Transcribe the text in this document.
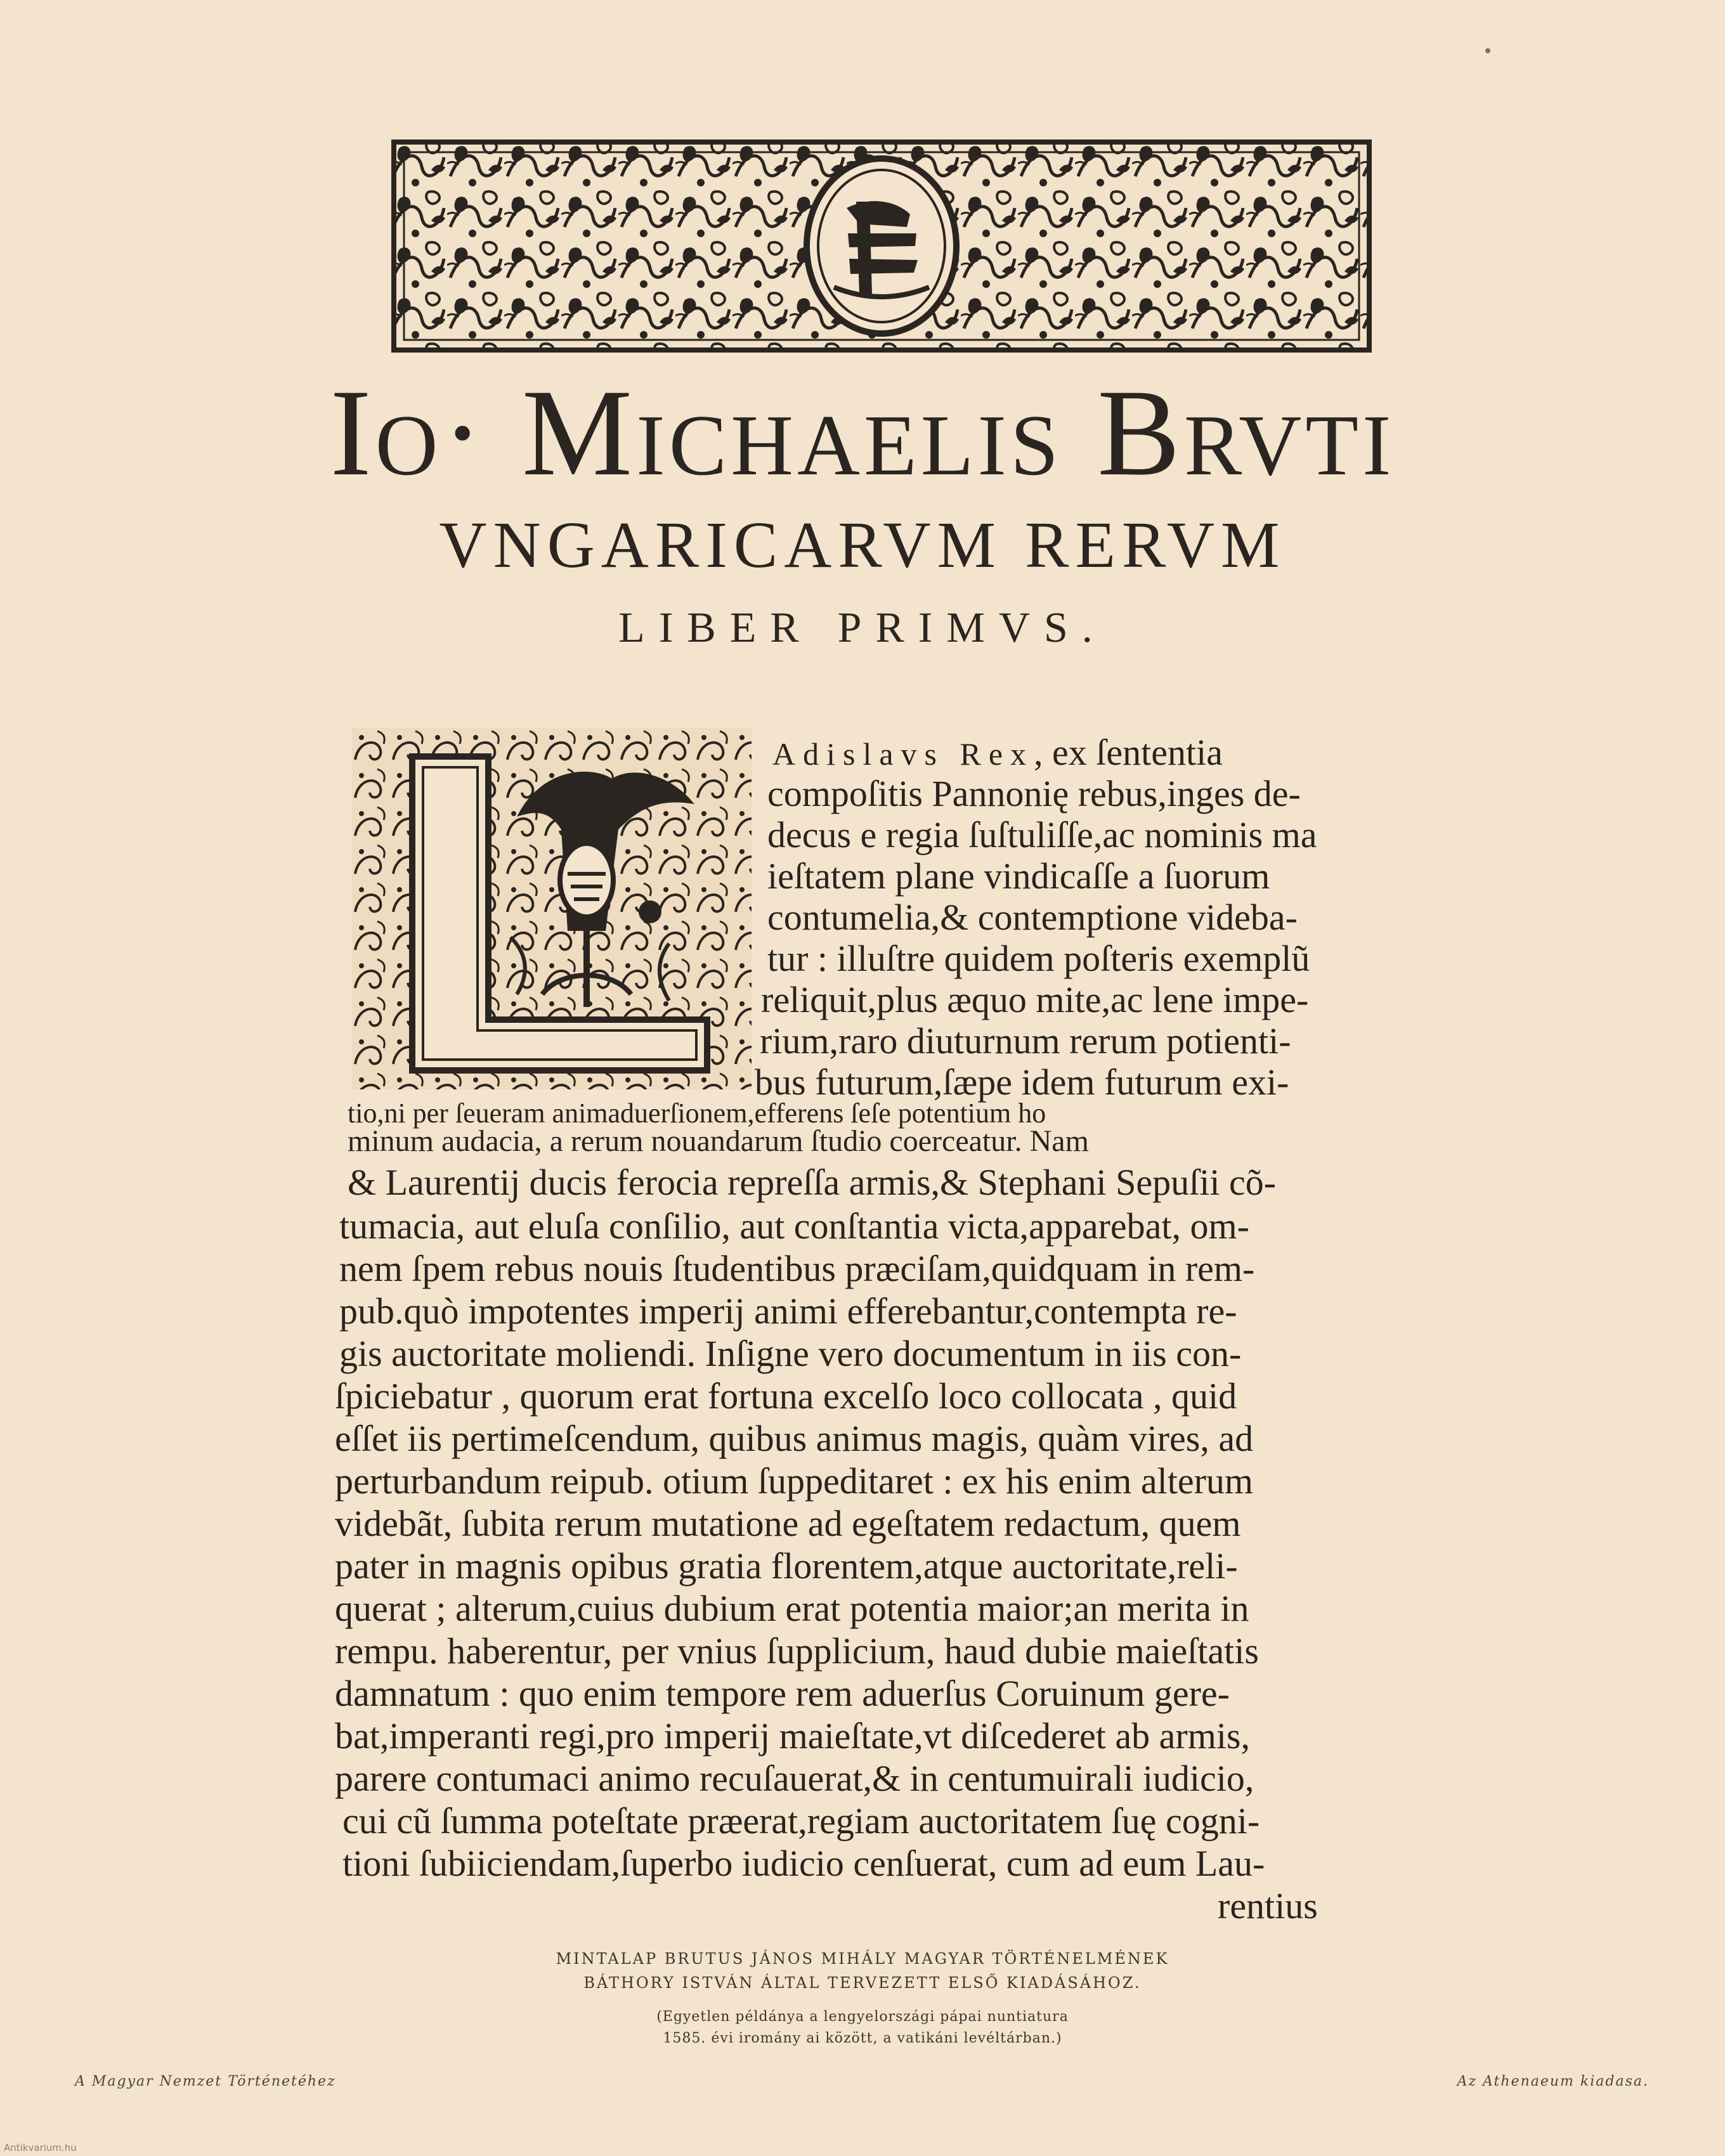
Io· Michaelis Brvti
VNGARICARVM RERVM
LIBER PRIMVS.
Adislavs Rex, ex ſententia
compoſitis Pannonię rebus,inges de-
decus e regia ſuſtuliſſe,ac nominis ma
ieſtatem plane vindicaſſe a ſuorum
contumelia,& contemptione videba-
tur : illuſtre quidem poſteris exemplũ
reliquit,plus æquo mite,ac lene impe-
rium,raro diuturnum rerum potienti-
bus futurum,ſæpe idem futurum exi-
tio,ni per ſeueram animaduerſionem,efferens ſeſe potentium ho
minum audacia, a rerum nouandarum ſtudio coerceatur. Nam
& Laurentij ducis ferocia repreſſa armis,& Stephani Sepuſii cõ-
tumacia, aut eluſa conſilio, aut conſtantia victa,apparebat, om-
nem ſpem rebus nouis ſtudentibus præciſam,quidquam in rem-
pub.quò impotentes imperij animi efferebantur,contempta re-
gis auctoritate moliendi. Inſigne vero documentum in iis con-
ſpiciebatur , quorum erat fortuna excelſo loco collocata , quid
eſſet iis pertimeſcendum, quibus animus magis, quàm vires, ad
perturbandum reipub. otium ſuppeditaret : ex his enim alterum
videbãt, ſubita rerum mutatione ad egeſtatem redactum, quem
pater in magnis opibus gratia florentem,atque auctoritate,reli-
querat ; alterum,cuius dubium erat potentia maior;an merita in
rempu. haberentur, per vnius ſupplicium, haud dubie maieſtatis
damnatum : quo enim tempore rem aduerſus Coruinum gere-
bat,imperanti regi,pro imperij maieſtate,vt diſcederet ab armis,
parere contumaci animo recuſauerat,& in centumuirali iudicio,
cui cũ ſumma poteſtate præerat,regiam auctoritatem ſuę cogni-
tioni ſubiiciendam,ſuperbo iudicio cenſuerat, cum ad eum Lau-
rentius
MINTALAP BRUTUS JÁNOS MIHÁLY MAGYAR TÖRTÉNELMÉNEK
BÁTHORY ISTVÁN ÁLTAL TERVEZETT ELSŐ KIADÁSÁHOZ.
(Egyetlen példánya a lengyelországi pápai nuntiatura
1585. évi iromány ai között, a vatikáni levéltárban.)
A Magyar Nemzet Történetéhez	Az Athenaeum kiadasa.
Antikvarium.hu
